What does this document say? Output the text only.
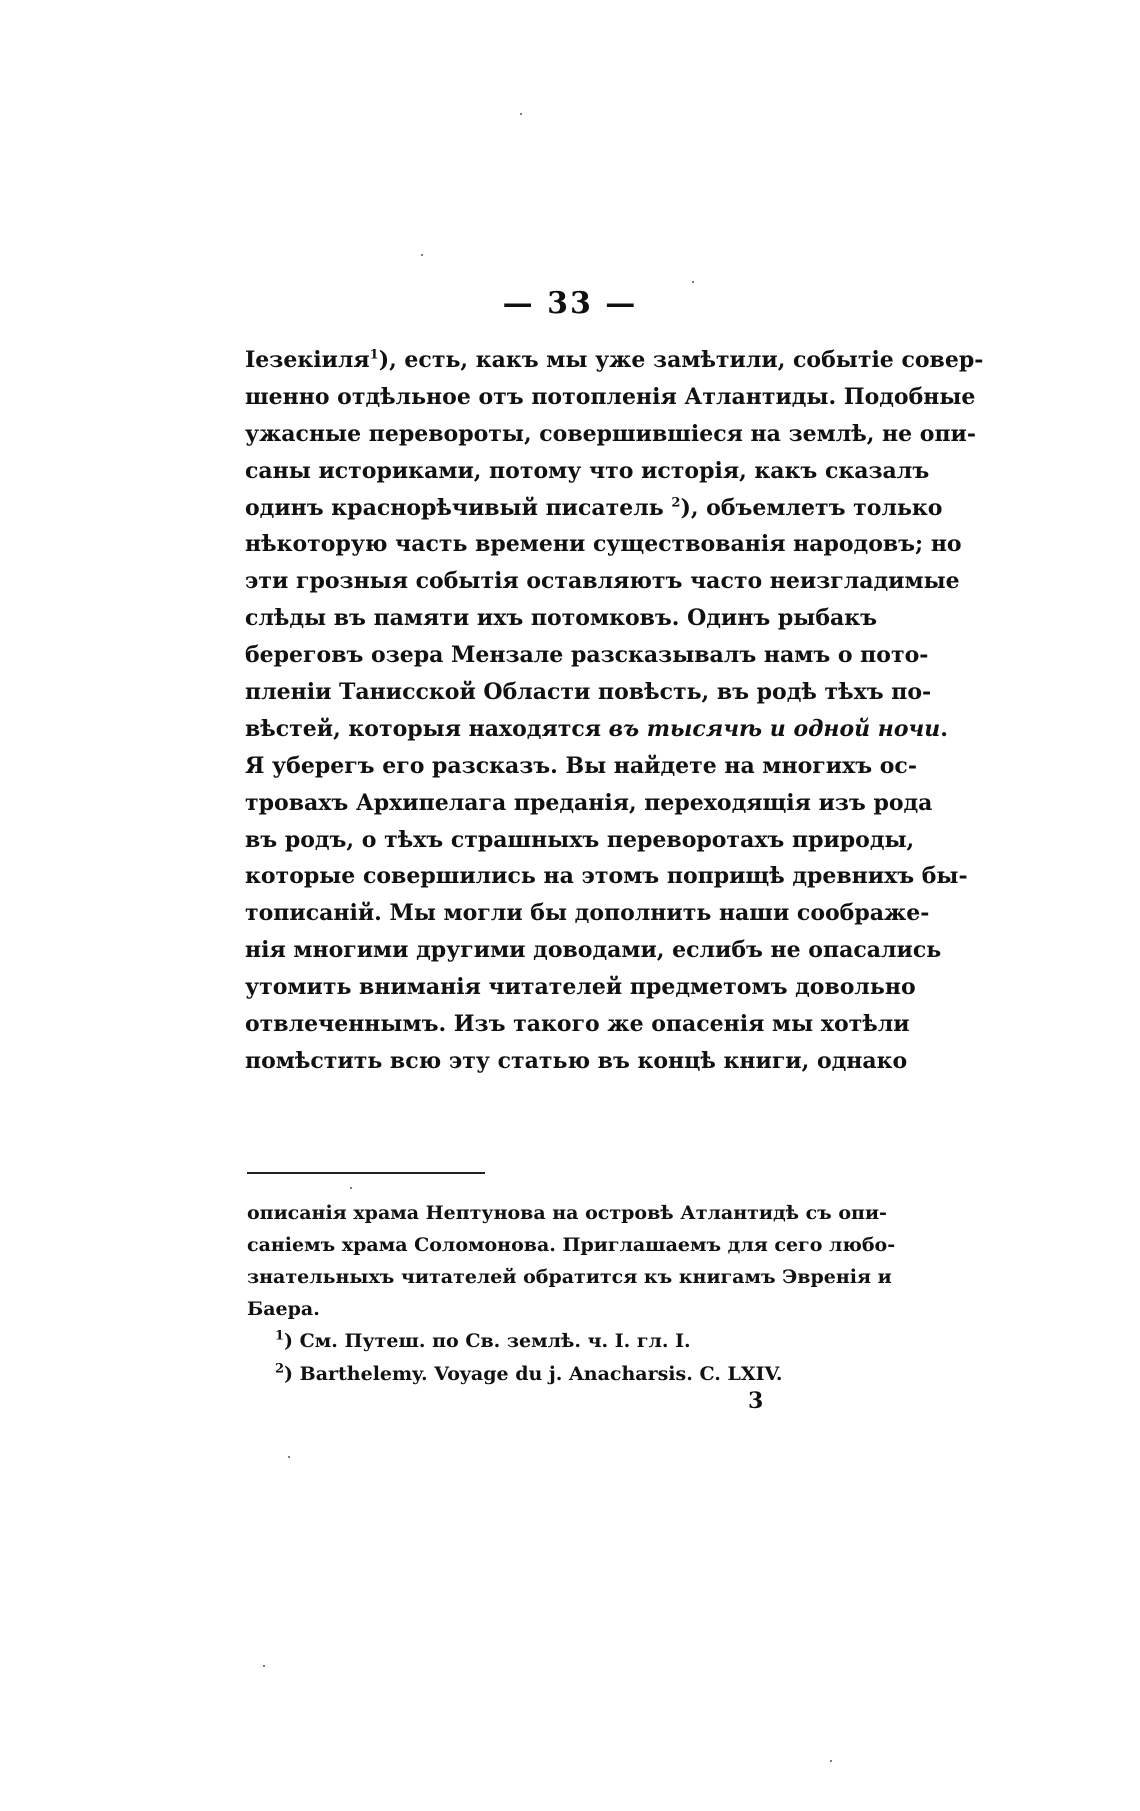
— 33 —
Iезекiиля$^1$), есть, какъ мы уже замѣтили, событiе совер-
шенно отдѣльное отъ потопленiя Атлантиды. Подобные
ужасные перевороты, совершившiеся на землѣ, не опи-
саны историками, потому что исторiя, какъ сказалъ
одинъ краснорѣчивый писатель $^2$), объемлетъ только
нѣкоторую часть времени существованiя народовъ; но
эти грозныя событiя оставляютъ часто неизгладимые
слѣды въ памяти ихъ потомковъ. Одинъ рыбакъ
береговъ озера Мензале разсказывалъ намъ о пото-
пленiи Танисской Области повѣсть, въ родѣ тѣхъ по-
вѣстей, которыя находятся въ тысячѣ и одной ночи.
Я уберегъ его разсказъ. Вы найдете на многихъ ос-
тровахъ Архипелага преданiя, переходящiя изъ рода
въ родъ, о тѣхъ страшныхъ переворотахъ природы,
которые совершились на этомъ поприщѣ древнихъ бы-
тописанiй. Мы могли бы дополнить наши соображе-
нiя многими другими доводами, еслибъ не опасались
утомить вниманiя читателей предметомъ довольно
отвлеченнымъ. Изъ такого же опасенiя мы хотѣли
помѣстить всю эту статью въ концѣ книги, однако
описанiя храма Нептунова на островѣ Атлантидѣ съ опи-
санiемъ храма Соломонова. Приглашаемъ для сего любо-
знательныхъ читателей обратится къ книгамъ Эвренiя и
Баера.
$^1$) См. Путеш. по Св. землѣ. ч. I. гл. I.
$^2$) Barthelemy. Voyage du j. Anacharsis. C. LXIV.
3
